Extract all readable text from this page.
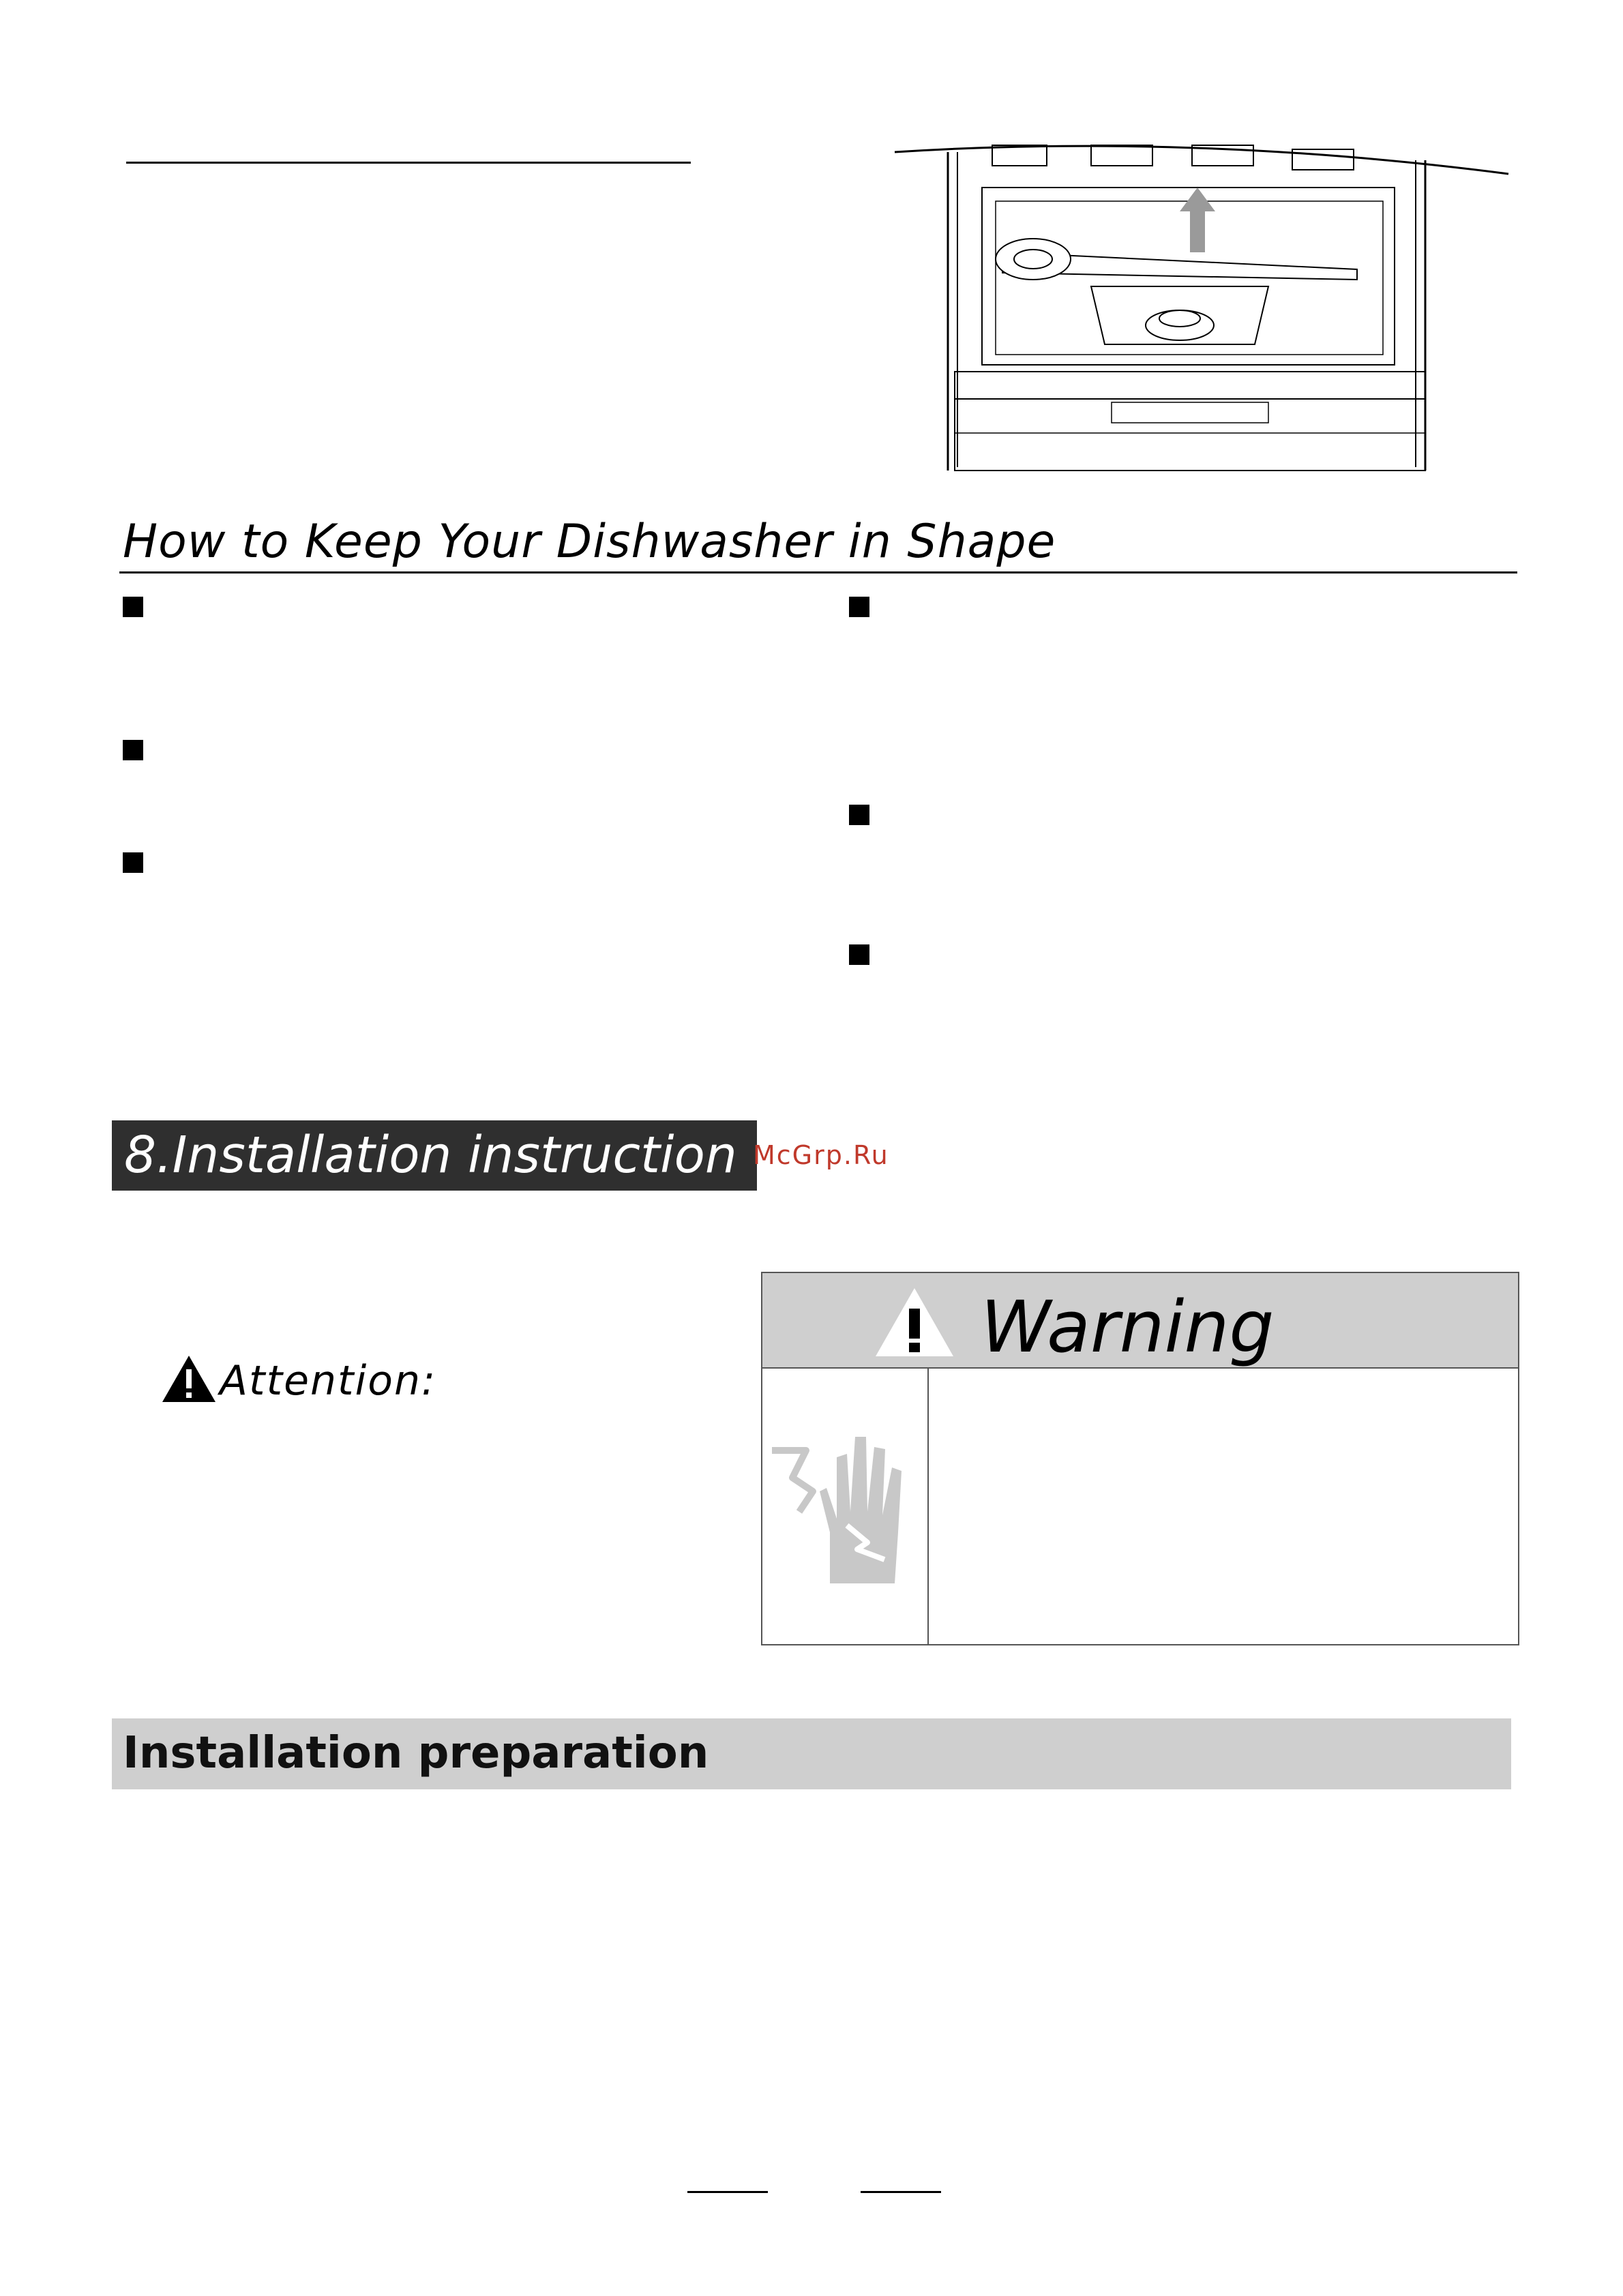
How to Keep Your Dishwasher in Shape
8.Installation instruction McGrp.Ru
Attention:
Warning
Installation preparation
